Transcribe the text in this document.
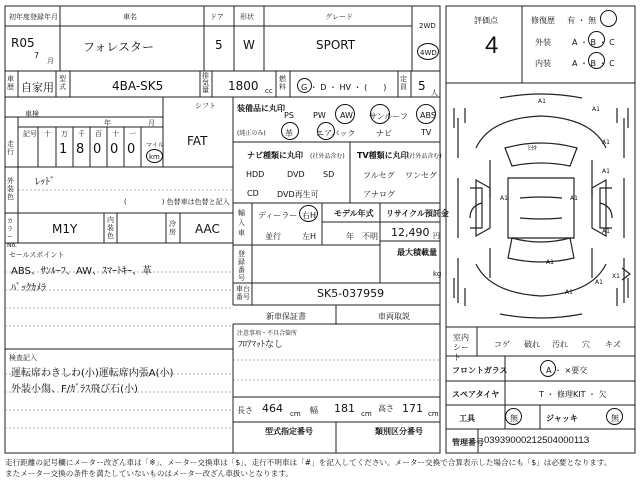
初年度登録年月	車名	ドア 形状	グレード
2WD
4WD
R05
7
月
フォレスター	5 W	SPORT
車歴 自家用
型式	4BA-SK5
排気量 1800 cc
燃料 G ・ D ・ HV ・ (　　)
定員 5 人
車検
年	月
シフト
FAT
走行
記号 十 万 千 百 十 一
1 8 0 0 0 マイル
km
外装色
ﾚｯﾄﾞ
(　　　　　) 色替車は色替と記入
カラーNo.
M1Y
内装色
冷房 AAC
セールスポイント
ABS、ｻﾝﾙｰﾌ、AW、ｽﾏｰﾄｷｰ、革
ﾊﾞｯｸｶﾒﾗ
検査記入
運転席わきしわ(小)運転席内張A(小)
外装小傷、F/ｶﾞﾗｽ飛び石(小)
装備品に丸印
(純正のみ)
PS PW AW サンルーフ ABS
革	エアバック	ナビ	TV
ナビ種類に丸印 (社外品含む)
HDD	DVD SD
CD DVD再生可
TV種類に丸印
(社外品含む)
フルセグ ワンセグ
アナログ
輸入車
ディーラー
並行
右H
左H
モデル年式
年　不明
リサイクル預託金
12,490 円
最大積載量
kg
登録番号
車台番号	SK5-037959
新車保証書	車両取説
注意事項・不具合箇所
ﾌﾛｱﾏｯﾄなし
長さ 464 cm 幅 181 cm
高さ 171 cm
型式指定番号	類別区分番号
評価点
4
修復歴 有 ・ 無
外装	A ・ B ・ C
内装	A ・ B ・ C
A1
A1
A1
A1
A1	A1
A1
A1
A1
X1
ﾋｾｷ
A1
室内シート
コゲ 破れ 汚れ 穴 キズ
フロントガラス	A ・ ×要交
スペアタイヤ	T ・ 修理KIT ・ 欠
工具	無	ジャッキ	無
管理番号 0393900021250400011З
走行距離の記号欄にメーター改ざん車は「※」、メーター交換車は「$」、走行不明車は「#」を記入してください。メーター交換で合算表示した場合にも「$」は必要となります。
またメーター交換の条件を満たしていないものはメーター改ざん車扱いとなります。
